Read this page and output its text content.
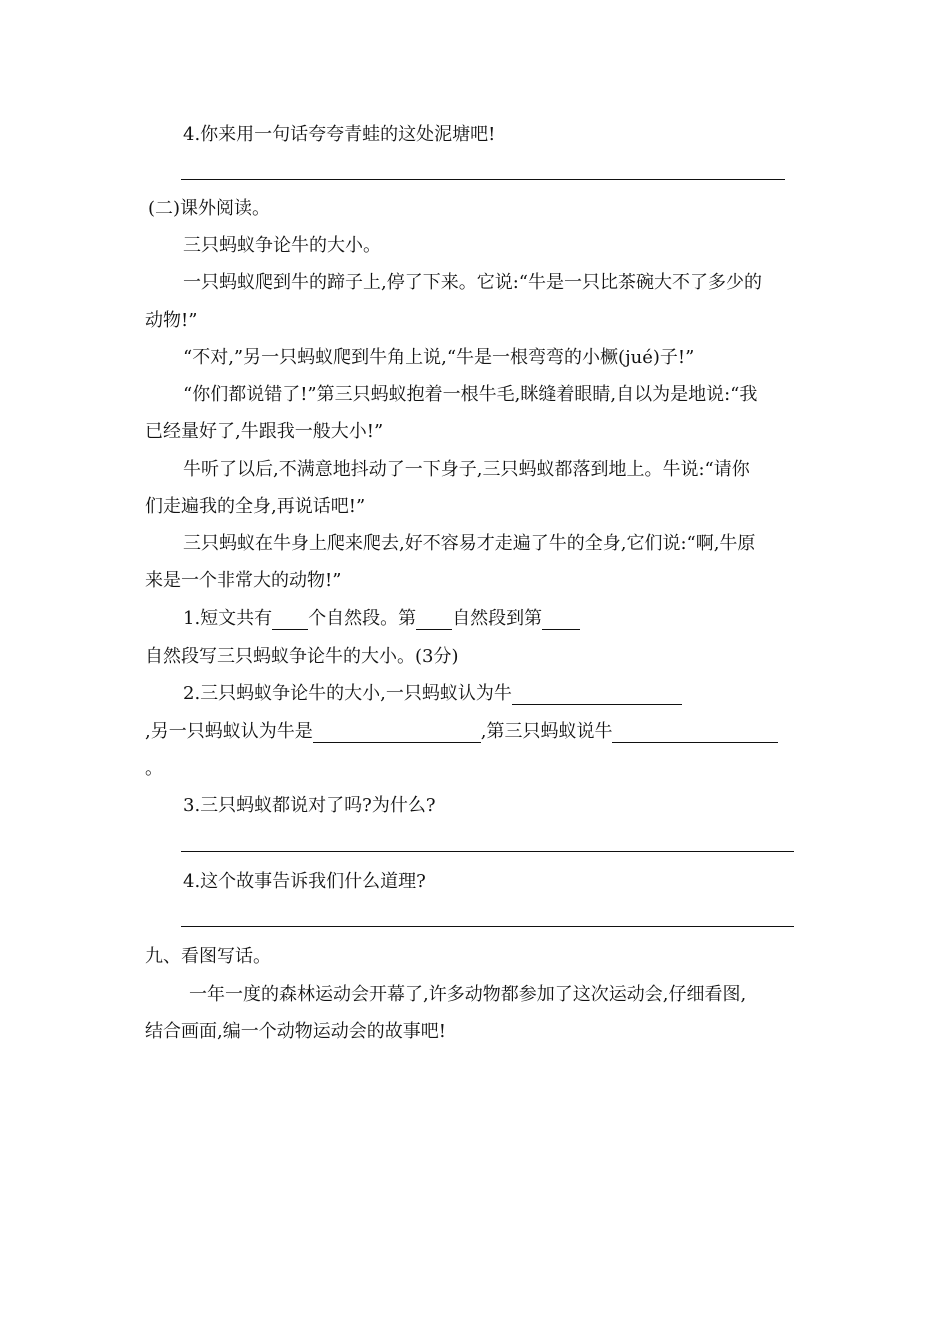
4.你来用一句话夸夸青蛙的这处泥塘吧!
(二)课外阅读。
三只蚂蚁争论牛的大小。
一只蚂蚁爬到牛的蹄子上,停了下来。它说:“牛是一只比茶碗大不了多少的
动物!”
“不对,”另一只蚂蚁爬到牛角上说,“牛是一根弯弯的小橛(jué)子!”
“你们都说错了!”第三只蚂蚁抱着一根牛毛,眯缝着眼睛,自以为是地说:“我
已经量好了,牛跟我一般大小!”
牛听了以后,不满意地抖动了一下身子,三只蚂蚁都落到地上。牛说:“请你
们走遍我的全身,再说话吧!”
三只蚂蚁在牛身上爬来爬去,好不容易才走遍了牛的全身,它们说:“啊,牛原
来是一个非常大的动物!”
1.短文共有 个自然段。第 自然段到第
自然段写三只蚂蚁争论牛的大小。(3分)
2.三只蚂蚁争论牛的大小,一只蚂蚁认为牛
,另一只蚂蚁认为牛是	,第三只蚂蚁说牛
。
3.三只蚂蚁都说对了吗?为什么?
4.这个故事告诉我们什么道理?
九、看图写话。
一年一度的森林运动会开幕了,许多动物都参加了这次运动会,仔细看图,
结合画面,编一个动物运动会的故事吧!
